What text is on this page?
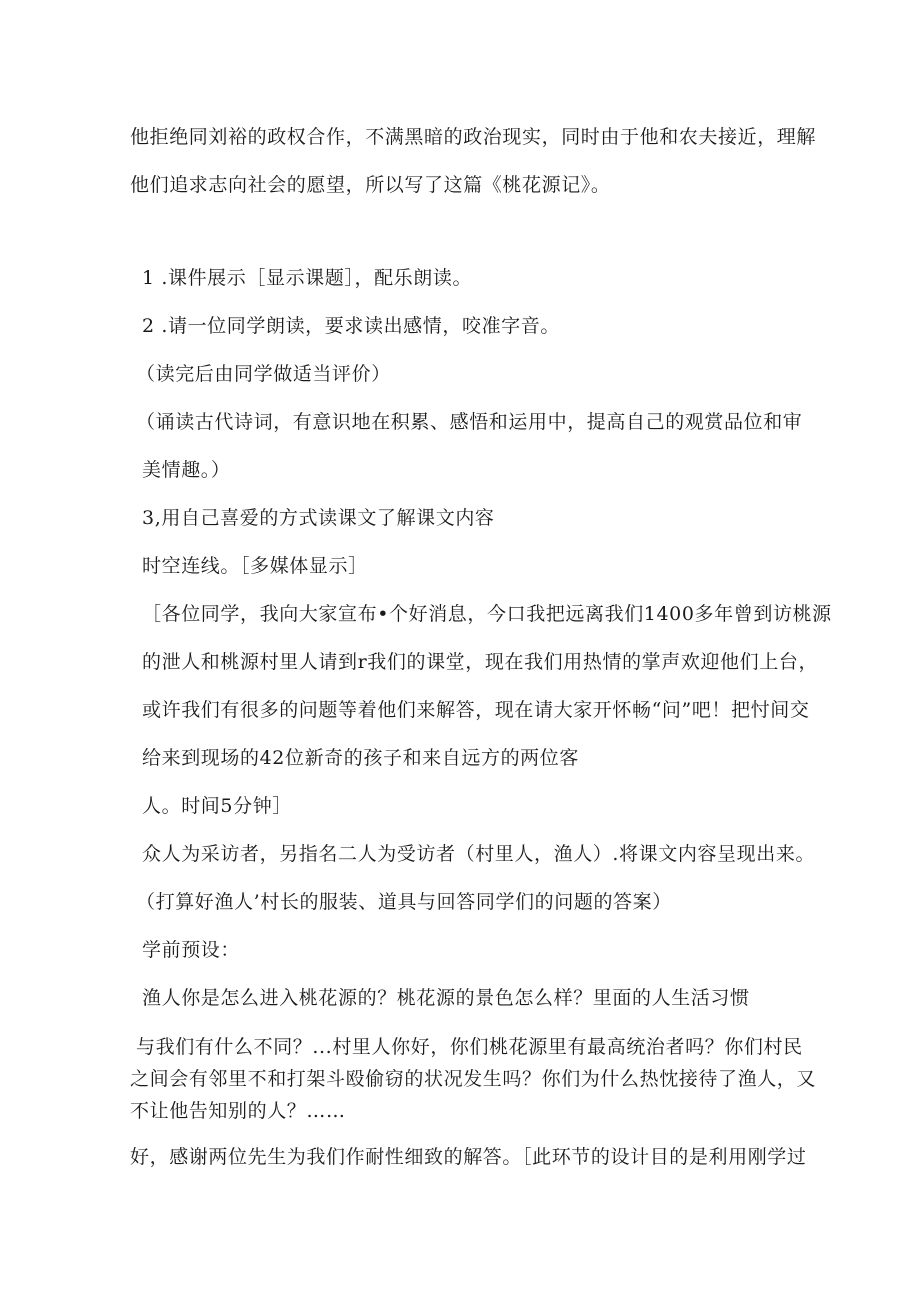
他拒绝同刘裕的政权合作，不满黑暗的政治现实，同时由于他和农夫接近，理解
他们追求志向社会的愿望，所以写了这篇《桃花源记》。
1 .课件展示［显示课题］，配乐朗读。
2 .请一位同学朗读，要求读出感情，咬准字音。
（读完后由同学做适当评价）
（诵读古代诗词，有意识地在积累、感悟和运用中，提高自己的观赏品位和审
美情趣。）
3,用自己喜爱的方式读课文了解课文内容
时空连线。［多媒体显示］
［各位同学，我向大家宣布•个好消息，今口我把远离我们1400多年曾到访桃源
的泄人和桃源村里人请到r我们的课堂，现在我们用热情的掌声欢迎他们上台，
或许我们有很多的问题等着他们来解答，现在请大家开怀畅“问”吧！把忖间交
给来到现场的42位新奇的孩子和来自远方的两位客
人。时间5分钟］
众人为采访者，另指名二人为受访者（村里人，渔人）.将课文内容呈现出来。
（打算好渔人’村长的服装、道具与回答同学们的问题的答案）
学前预设：
渔人你是怎么进入桃花源的？桃花源的景色怎么样？里面的人生活习惯
与我们有什么不同？...村里人你好，你们桃花源里有最高统治者吗？你们村民
之间会有邻里不和打架斗殴偷窃的状况发生吗？你们为什么热忱接待了渔人，又
不让他告知别的人？……
好，感谢两位先生为我们作耐性细致的解答。［此环节的设计目的是利用刚学过
